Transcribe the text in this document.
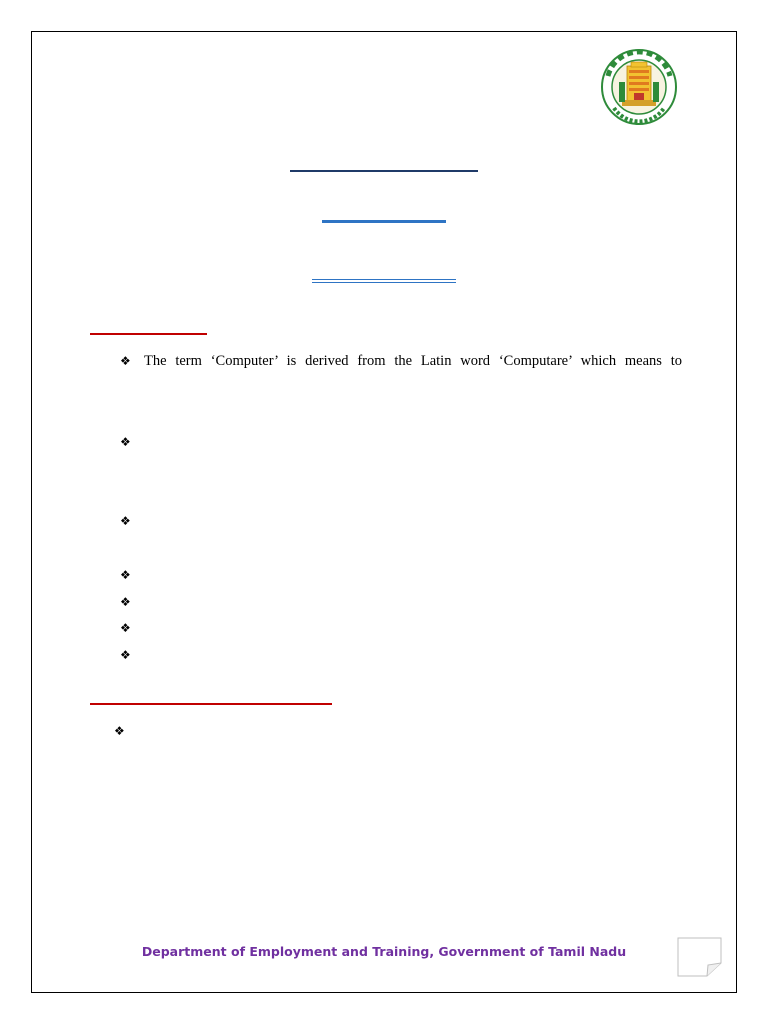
❖ The term ‘Computer’ is derived from the Latin word ‘Computare’ which means to
❖
❖
❖
❖
❖
❖
❖
Department of Employment and Training, Government of Tamil Nadu
